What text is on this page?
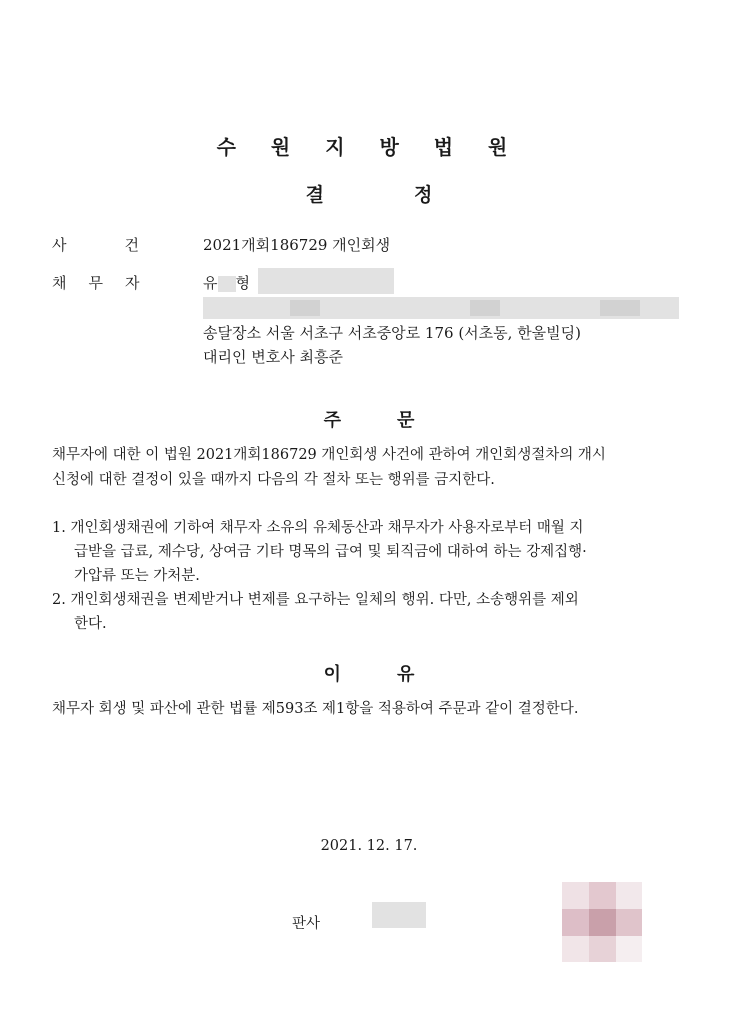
수 원 지 방 법 원
결	정
사	건	2021개회186729 개인회생
채 무 자	유 형
송달장소 서울 서초구 서초중앙로 176 (서초동, 한울빌딩)
대리인 변호사 최흥준
주	문
채무자에 대한 이 법원 2021개회186729 개인회생 사건에 관하여 개인회생절차의 개시
신청에 대한 결정이 있을 때까지 다음의 각 절차 또는 행위를 금지한다.
1. 개인회생채권에 기하여 채무자 소유의 유체동산과 채무자가 사용자로부터 매월 지
급받을 급료, 제수당, 상여금 기타 명목의 급여 및 퇴직금에 대하여 하는 강제집행·
가압류 또는 가처분.
2. 개인회생채권을 변제받거나 변제를 요구하는 일체의 행위. 다만, 소송행위를 제외
한다.
이	유
채무자 회생 및 파산에 관한 법률 제593조 제1항을 적용하여 주문과 같이 결정한다.
2021. 12. 17.
판사
